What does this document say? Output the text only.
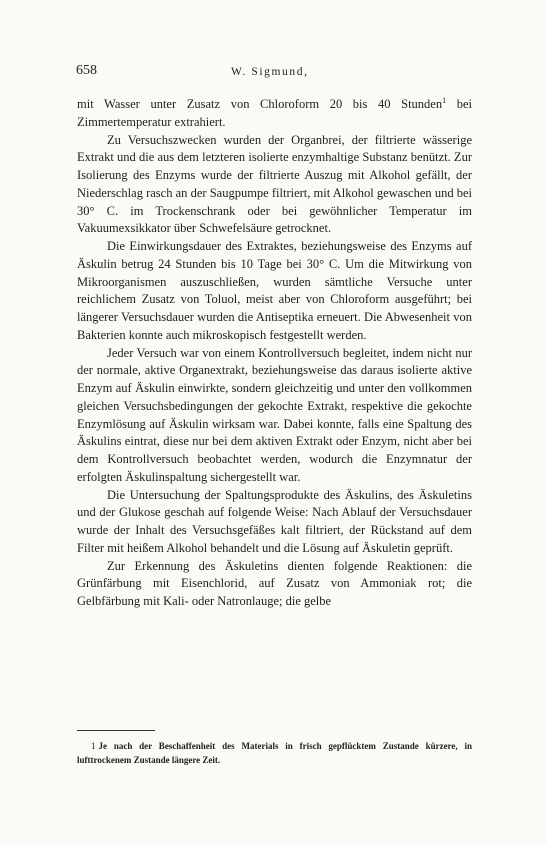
658	W. Sigmund,

mit Wasser unter Zusatz von Chloroform 20 bis 40 Stunden$^1$ bei Zimmertemperatur extrahiert.

Zu Versuchszwecken wurden der Organbrei, der filtrierte wässerige Extrakt und die aus dem letzteren isolierte enzymhaltige Substanz benützt. Zur Isolierung des Enzyms wurde der filtrierte Auszug mit Alkohol gefällt, der Niederschlag rasch an der Saugpumpe filtriert, mit Alkohol gewaschen und bei 30° C. im Trockenschrank oder bei gewöhnlicher Temperatur im Vakuumexsikkator über Schwefelsäure getrocknet.

Die Einwirkungsdauer des Extraktes, beziehungsweise des Enzyms auf Äskulin betrug 24 Stunden bis 10 Tage bei 30° C. Um die Mitwirkung von Mikroorganismen auszuschließen, wurden sämtliche Versuche unter reichlichem Zusatz von Toluol, meist aber von Chloroform ausgeführt; bei längerer Versuchsdauer wurden die Antiseptika erneuert. Die Abwesenheit von Bakterien konnte auch mikroskopisch festgestellt werden.

Jeder Versuch war von einem Kontrollversuch begleitet, indem nicht nur der normale, aktive Organextrakt, beziehungsweise das daraus isolierte aktive Enzym auf Äskulin einwirkte, sondern gleichzeitig und unter den vollkommen gleichen Versuchsbedingungen der gekochte Extrakt, respektive die gekochte Enzymlösung auf Äskulin wirksam war. Dabei konnte, falls eine Spaltung des Äskulins eintrat, diese nur bei dem aktiven Extrakt oder Enzym, nicht aber bei dem Kontrollversuch beobachtet werden, wodurch die Enzymnatur der erfolgten Äskulinspaltung sichergestellt war.

Die Untersuchung der Spaltungsprodukte des Äskulins, des Äskuletins und der Glukose geschah auf folgende Weise: Nach Ablauf der Versuchsdauer wurde der Inhalt des Versuchsgefäßes kalt filtriert, der Rückstand auf dem Filter mit heißem Alkohol behandelt und die Lösung auf Äskuletin geprüft.

Zur Erkennung des Äskuletins dienten folgende Reaktionen: die Grünfärbung mit Eisenchlorid, auf Zusatz von Ammoniak rot; die Gelbfärbung mit Kali- oder Natronlauge; die gelbe

1 Je nach der Beschaffenheit des Materials in frisch gepflücktem Zustande kürzere, in lufttrockenem Zustande längere Zeit.
